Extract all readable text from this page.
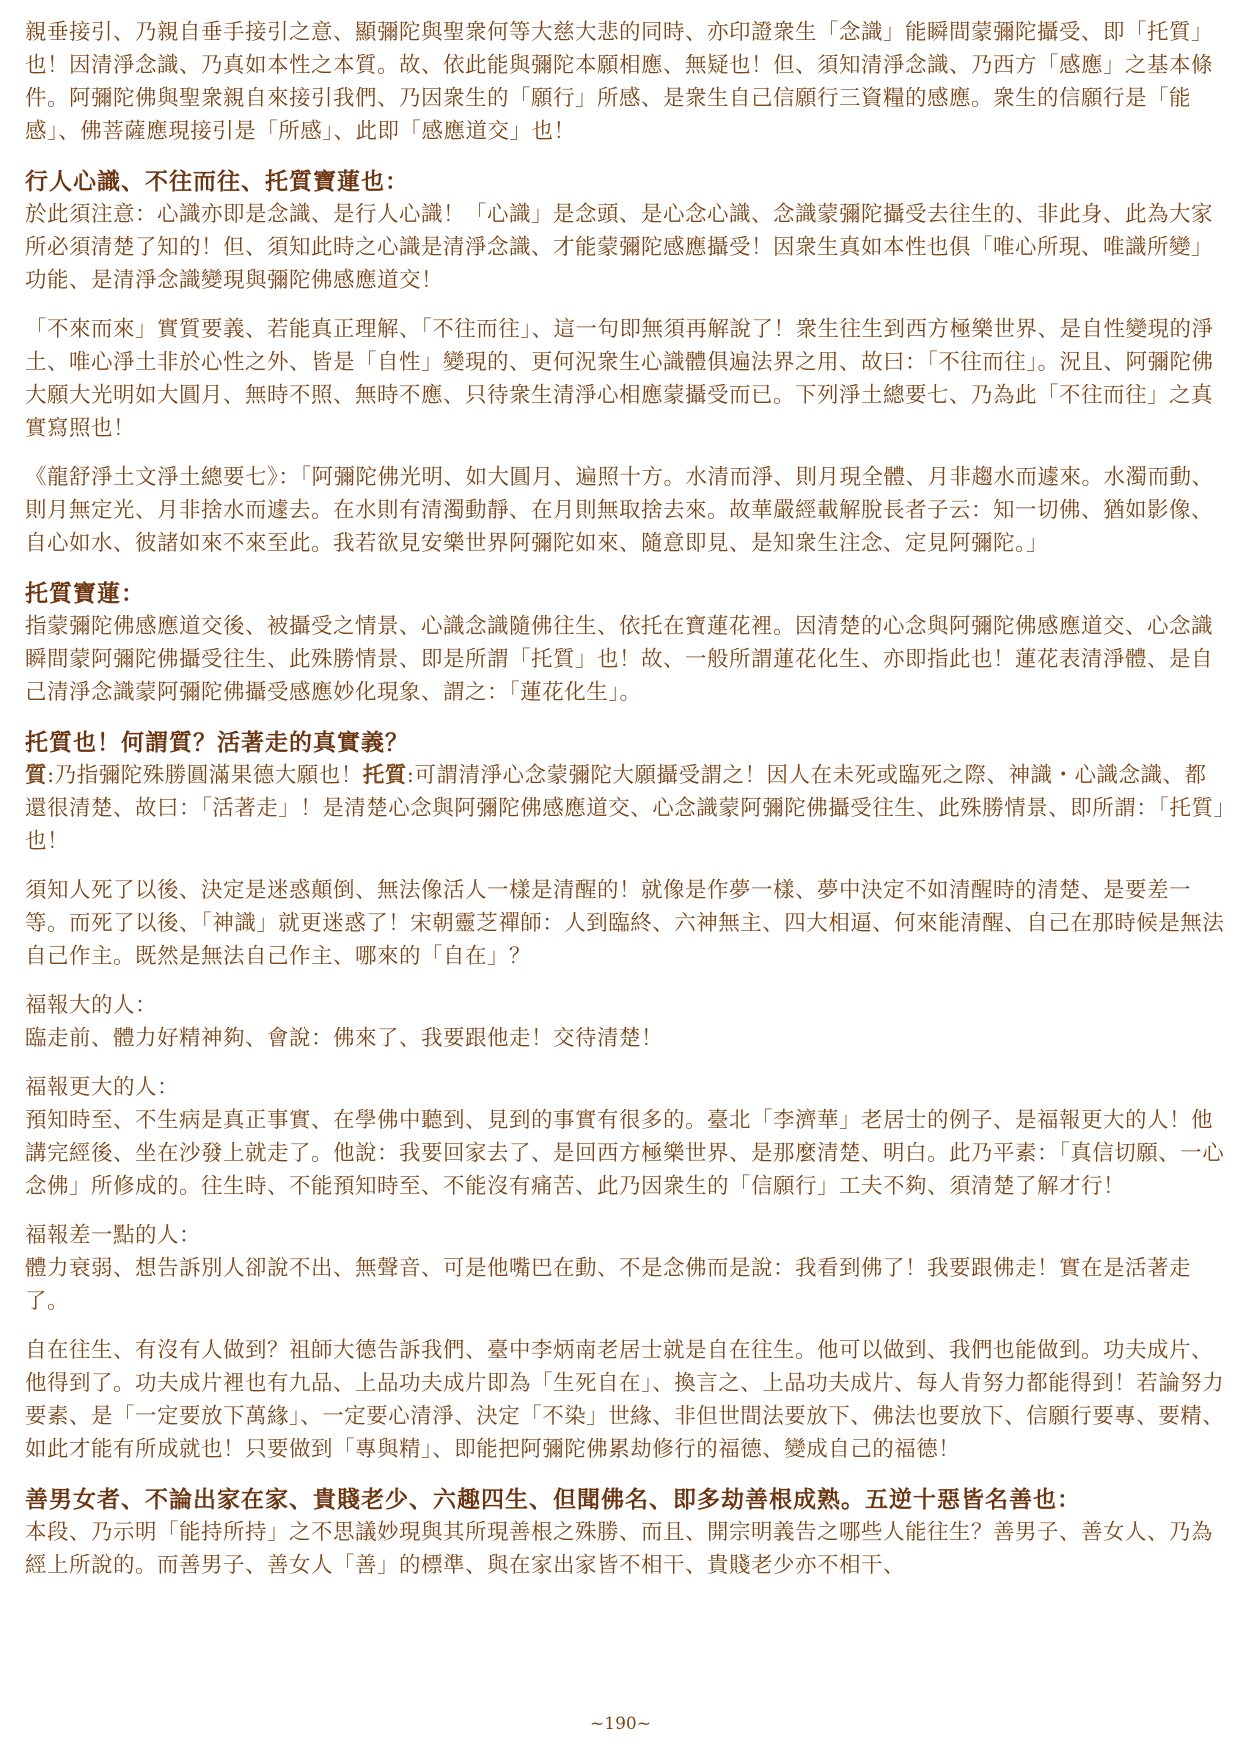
親垂接引、乃親自垂手接引之意、顯彌陀與聖衆何等大慈大悲的同時、亦印證衆生「念識」能瞬間蒙彌陀攝受、即「托質」也！因清淨念識、乃真如本性之本質。故、依此能與彌陀本願相應、無疑也！但、須知清淨念識、乃西方「感應」之基本條件。阿彌陀佛與聖衆親自來接引我們、乃因衆生的「願行」所感、是衆生自己信願行三資糧的感應。衆生的信願行是「能感」、佛菩薩應現接引是「所感」、此即「感應道交」也！

行人心識、不往而往、托質寶蓮也：

於此須注意：心識亦即是念識、是行人心識！「心識」是念頭、是心念心識、念識蒙彌陀攝受去往生的、非此身、此為大家所必須清楚了知的！但、須知此時之心識是清淨念識、才能蒙彌陀感應攝受！因衆生真如本性也俱「唯心所現、唯識所變」功能、是清淨念識變現與彌陀佛感應道交！

「不來而來」實質要義、若能真正理解、「不往而往」、這一句即無須再解說了！衆生往生到西方極樂世界、是自性變現的淨土、唯心淨土非於心性之外、皆是「自性」變現的、更何況衆生心識體俱遍法界之用、故曰：「不往而往」。況且、阿彌陀佛大願大光明如大圓月、無時不照、無時不應、只待衆生清淨心相應蒙攝受而已。下列淨土總要七、乃為此「不往而往」之真實寫照也！

《龍舒淨土文淨土總要七》：「阿彌陀佛光明、如大圓月、遍照十方。水清而淨、則月現全體、月非趨水而遽來。水濁而動、則月無定光、月非捨水而遽去。在水則有清濁動靜、在月則無取捨去來。故華嚴經載解脫長者子云：知一切佛、猶如影像、自心如水、彼諸如來不來至此。我若欲見安樂世界阿彌陀如來、隨意即見、是知衆生注念、定見阿彌陀。」

托質寶蓮：

指蒙彌陀佛感應道交後、被攝受之情景、心識念識隨佛往生、依托在寶蓮花裡。因清楚的心念與阿彌陀佛感應道交、心念識瞬間蒙阿彌陀佛攝受往生、此殊勝情景、即是所謂「托質」也！故、一般所謂蓮花化生、亦即指此也！蓮花表清淨體、是自己清淨念識蒙阿彌陀佛攝受感應妙化現象、謂之：「蓮花化生」。

托質也！何謂質？活著走的真實義？

質:乃指彌陀殊勝圓滿果德大願也！托質:可謂清淨心念蒙彌陀大願攝受謂之！因人在未死或臨死之際、神識・心識念識、都還很清楚、故曰：「活著走」！是清楚心念與阿彌陀佛感應道交、心念識蒙阿彌陀佛攝受往生、此殊勝情景、即所謂：「托質」也！

須知人死了以後、決定是迷惑顛倒、無法像活人一樣是清醒的！就像是作夢一樣、夢中決定不如清醒時的清楚、是要差一等。而死了以後、「神識」就更迷惑了！宋朝靈芝禪師：人到臨終、六神無主、四大相逼、何來能清醒、自己在那時候是無法自己作主。既然是無法自己作主、哪來的「自在」？

福報大的人：

臨走前、體力好精神夠、會說：佛來了、我要跟他走！交待清楚！

福報更大的人：

預知時至、不生病是真正事實、在學佛中聽到、見到的事實有很多的。臺北「李濟華」老居士的例子、是福報更大的人！他講完經後、坐在沙發上就走了。他說：我要回家去了、是回西方極樂世界、是那麼清楚、明白。此乃平素：「真信切願、一心念佛」所修成的。往生時、不能預知時至、不能沒有痛苦、此乃因衆生的「信願行」工夫不夠、須清楚了解才行！

福報差一點的人：

體力衰弱、想告訴別人卻說不出、無聲音、可是他嘴巴在動、不是念佛而是說：我看到佛了！我要跟佛走！實在是活著走了。

自在往生、有沒有人做到？祖師大德告訴我們、臺中李炳南老居士就是自在往生。他可以做到、我們也能做到。功夫成片、他得到了。功夫成片裡也有九品、上品功夫成片即為「生死自在」、換言之、上品功夫成片、每人肯努力都能得到！若論努力要素、是「一定要放下萬緣」、一定要心清淨、決定「不染」世緣、非但世間法要放下、佛法也要放下、信願行要專、要精、如此才能有所成就也！只要做到「專與精」、即能把阿彌陀佛累劫修行的福德、變成自己的福德！

善男女者、不論出家在家、貴賤老少、六趣四生、但聞佛名、即多劫善根成熟。五逆十惡皆名善也：

本段、乃示明「能持所持」之不思議妙現與其所現善根之殊勝、而且、開宗明義告之哪些人能往生？善男子、善女人、乃為經上所說的。而善男子、善女人「善」的標準、與在家出家皆不相干、貴賤老少亦不相干、

~190~
